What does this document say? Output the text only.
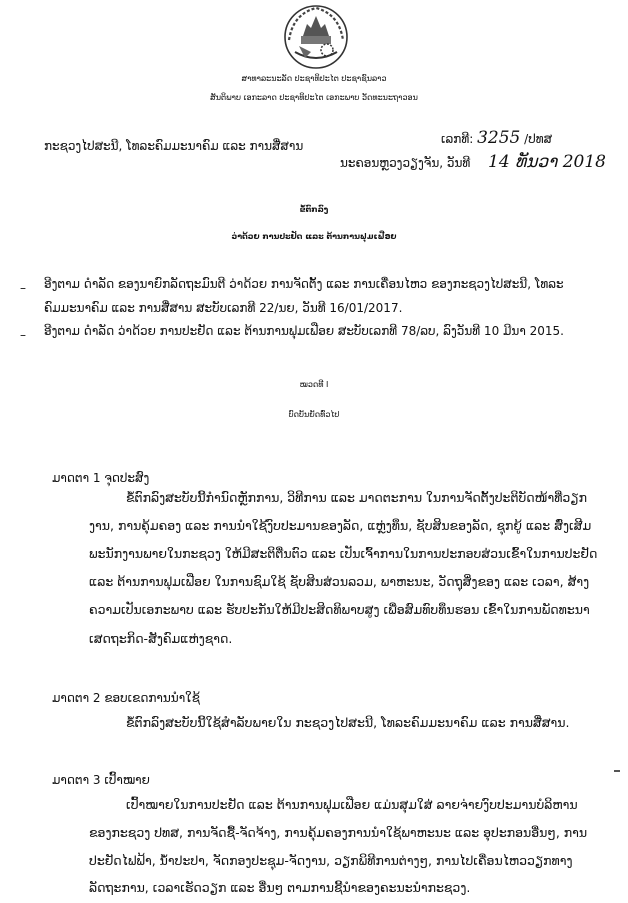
ສາທາລະນະລັດ ປະຊາທິປະໄຕ ປະຊາຊົນລາວ
ສັນຕິພາບ ເອກະລາດ ປະຊາທິປະໄຕ ເອກະພາບ ວັດທະນະຖາວອນ
ກະຊວງໄປສະນີ, ໂທລະຄົມມະນາຄົມ ແລະ ການສື່ສານ	ເລກທີ: 3255 /ປທສ
ນະຄອນຫຼວງວຽງຈັນ, ວັນທີ 14 ທັນວາ 2018
ຂໍ້ຕົກລົງ
ວ່າດ້ວຍ ການປະຢັດ ແລະ ຕ້ານການຟຸມເຟືອຍ
– ອີງຕາມ ດຳລັດ ຂອງນາຍົກລັດຖະມົນຕີ ວ່າດ້ວຍ ການຈັດຕັ້ງ ແລະ ການເຄື່ອນໄຫວ ຂອງກະຊວງໄປສະນີ, ໂທລະ
ຄົມມະນາຄົມ ແລະ ການສື່ສານ ສະບັບເລກທີ 22/ນຍ, ວັນທີ 16/01/2017.
– ອີງຕາມ ດຳລັດ ວ່າດ້ວຍ ການປະຢັດ ແລະ ຕ້ານການຟຸມເຟືອຍ ສະບັບເລກທີ 78/ລບ, ລົງວັນທີ 10 ມີນາ 2015.
ໝວດທີ I
ບົດບັນຍັດທົ່ວໄປ
ມາດຕາ 1 ຈຸດປະສົງ
ຂໍ້ຕົກລົງສະບັບນີ້ກຳນົດຫຼັກການ, ວິທີການ ແລະ ມາດຕະການ ໃນການຈັດຕັ້ງປະຕິບັດໜ້າທີ່ວຽກ
ງານ, ການຄຸ້ມຄອງ ແລະ ການນຳໃຊ້ງົບປະມານຂອງລັດ, ແຫຼ່ງທຶນ, ຊັບສິນຂອງລັດ, ຊຸກຍູ້ ແລະ ສົ່ງເສີມ
ພະນັກງານພາຍໃນກະຊວງ ໃຫ້ມີສະຕິຕື່ນຕົວ ແລະ ເປັນເຈົ້າການໃນການປະກອບສ່ວນເຂົ້າໃນການປະຢັດ
ແລະ ຕ້ານການຟຸມເຟືອຍ ໃນການຊົມໃຊ້ ຊັບສິນສ່ວນລວມ, ພາຫະນະ, ວັດຖຸສິ່ງຂອງ ແລະ ເວລາ, ສ້າງ
ຄວາມເປັນເອກະພາບ ແລະ ຮັບປະກັນໃຫ້ມີປະສິດທິພາບສູງ ເພື່ອສົມທົບທຶນຮອນ ເຂົ້າໃນການພັດທະນາ
ເສດຖະກິດ-ສັງຄົມແຫ່ງຊາດ.
ມາດຕາ 2 ຂອບເຂດການນຳໃຊ້
ຂໍ້ຕົກລົງສະບັບນີ້ໃຊ້ສຳລັບພາຍໃນ ກະຊວງໄປສະນີ, ໂທລະຄົມມະນາຄົມ ແລະ ການສື່ສານ.
ມາດຕາ 3 ເປົ້າໝາຍ
ເປົ້າໝາຍໃນການປະຢັດ ແລະ ຕ້ານການຟຸມເຟືອຍ ແມ່ນສຸມໃສ່ ລາຍຈ່າຍງົບປະມານບໍລິຫານ
ຂອງກະຊວງ ປທສ, ການຈັດຊື້-ຈັດຈ້າງ, ການຄຸ້ມຄອງການນຳໃຊ້ພາຫະນະ ແລະ ອຸປະກອນອື່ນໆ, ການ
ປະຢັດໄຟຟ້າ, ນ້ຳປະປາ, ຈັດກອງປະຊຸມ-ຈັດງານ, ວຽກພິທີການຕ່າງໆ, ການໄປເຄື່ອນໄຫວວຽກທາງ
ລັດຖະການ, ເວລາເຮັດວຽກ ແລະ ອື່ນໆ ຕາມການຊີ້ນຳຂອງຄະນະນຳກະຊວງ.
